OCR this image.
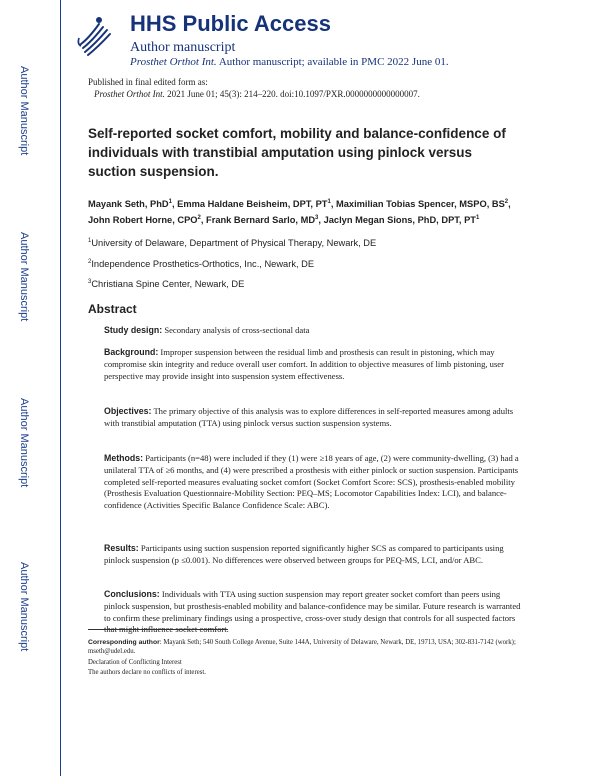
Author Manuscript
Author Manuscript
Author Manuscript
Author Manuscript
HHS Public Access
Author manuscript
Prosthet Orthot Int. Author manuscript; available in PMC 2022 June 01.
Published in final edited form as:
Prosthet Orthot Int. 2021 June 01; 45(3): 214–220. doi:10.1097/PXR.0000000000000007.
Self-reported socket comfort, mobility and balance-confidence of individuals with transtibial amputation using pinlock versus suction suspension.
Mayank Seth, PhD$^1$, Emma Haldane Beisheim, DPT, $PT^1$, Maximilian Tobias Spencer, MSPO, $BS^2$, John Robert Horne, CPO$^2$, Frank Bernard Sarlo, $MD^3$, Jaclyn Megan Sions, PhD, DPT, $PT^1$
$^1$University of Delaware, Department of Physical Therapy, Newark, DE
$^2$Independence Prosthetics-Orthotics, Inc., Newark, DE
$^3$Christiana Spine Center, Newark, DE
Abstract
Study design: Secondary analysis of cross-sectional data
Background: Improper suspension between the residual limb and prosthesis can result in pistoning, which may compromise skin integrity and reduce overall user comfort. In addition to objective measures of limb pistoning, user perspective may provide insight into suspension system effectiveness.
Objectives: The primary objective of this analysis was to explore differences in self-reported measures among adults with transtibial amputation (TTA) using pinlock versus suction suspension systems.
Methods: Participants (n=48) were included if they (1) were ≥18 years of age, (2) were community-dwelling, (3) had a unilateral TTA of ≥6 months, and (4) were prescribed a prosthesis with either pinlock or suction suspension. Participants completed self-reported measures evaluating socket comfort (Socket Comfort Score: SCS), prosthesis-enabled mobility (Prosthesis Evaluation Questionnaire-Mobility Section: PEQ–MS; Locomotor Capabilities Index: LCI), and balance-confidence (Activities Specific Balance Confidence Scale: ABC).
Results: Participants using suction suspension reported significantly higher SCS as compared to participants using pinlock suspension (p ≤0.001). No differences were observed between groups for PEQ-MS, LCI, and/or ABC.
Conclusions: Individuals with TTA using suction suspension may report greater socket comfort than peers using pinlock suspension, but prosthesis-enabled mobility and balance-confidence may be similar. Future research is warranted to confirm these preliminary findings using a prospective, cross-over study design that controls for all suspected factors that might influence socket comfort.
Corresponding author: Mayank Seth; 540 South College Avenue, Suite 144A, University of Delaware, Newark, DE, 19713, USA; 302-831-7142 (work); mseth@udel.edu.
Declaration of Conflicting Interest
The authors declare no conflicts of interest.
